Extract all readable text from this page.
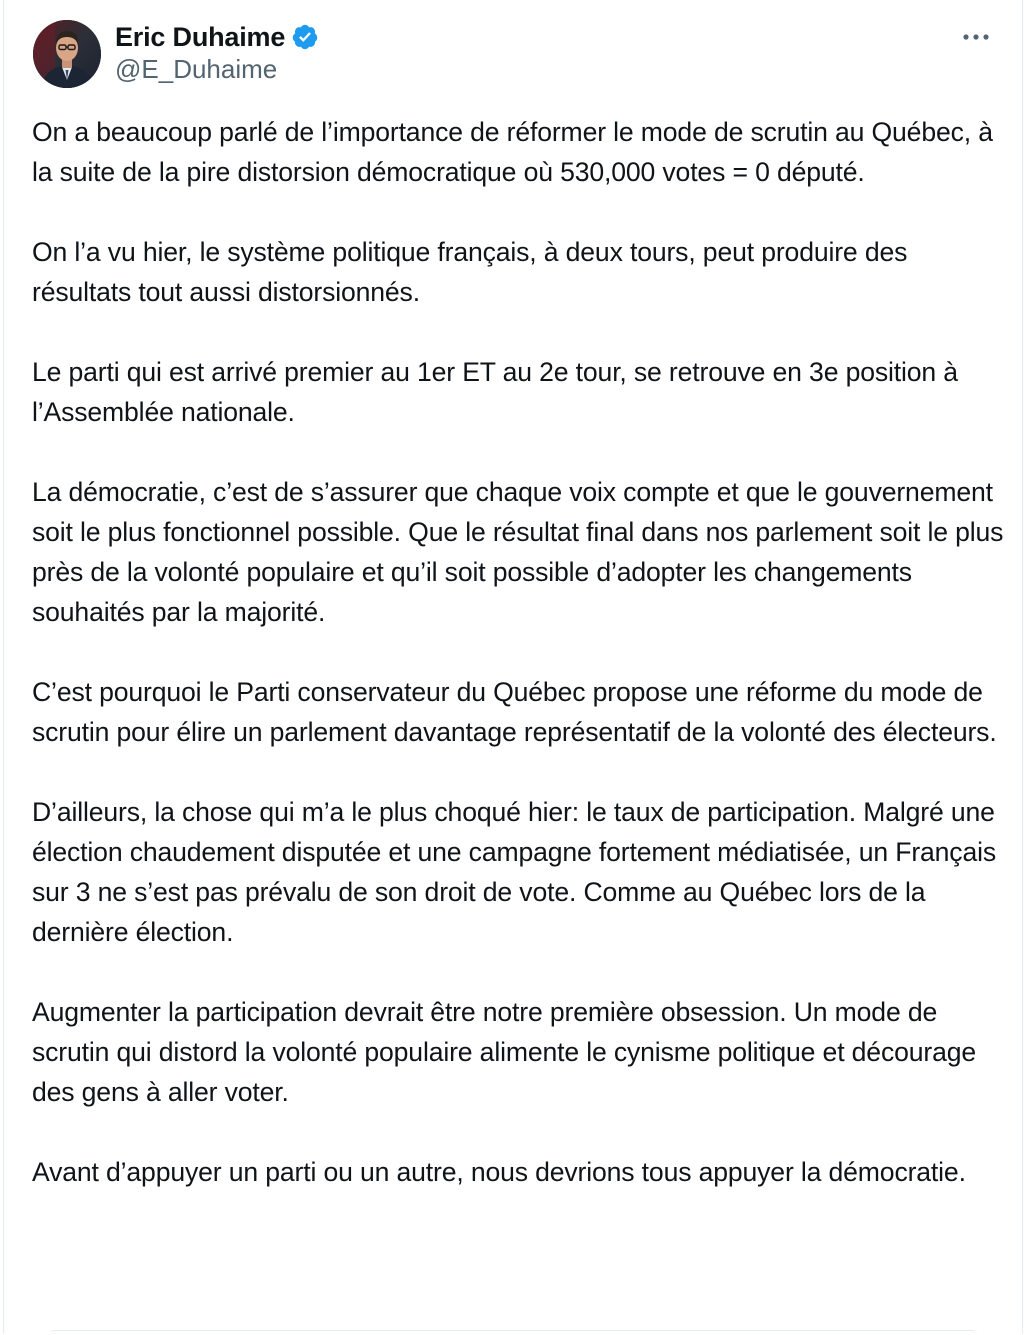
Eric Duhaime
@E_Duhaime

On a beaucoup parlé de l’importance de réformer le mode de scrutin au Québec, à la suite de la pire distorsion démocratique où 530,000 votes = 0 député.

On l’a vu hier, le système politique français, à deux tours, peut produire des résultats tout aussi distorsionnés.

Le parti qui est arrivé premier au 1er ET au 2e tour, se retrouve en 3e position à l’Assemblée nationale.

La démocratie, c’est de s’assurer que chaque voix compte et que le gouvernement soit le plus fonctionnel possible. Que le résultat final dans nos parlement soit le plus près de la volonté populaire et qu’il soit possible d’adopter les changements souhaités par la majorité.

C’est pourquoi le Parti conservateur du Québec propose une réforme du mode de scrutin pour élire un parlement davantage représentatif de la volonté des électeurs.

D’ailleurs, la chose qui m’a le plus choqué hier: le taux de participation. Malgré une élection chaudement disputée et une campagne fortement médiatisée, un Français sur 3 ne s’est pas prévalu de son droit de vote. Comme au Québec lors de la dernière élection.

Augmenter la participation devrait être notre première obsession. Un mode de scrutin qui distord la volonté populaire alimente le cynisme politique et décourage des gens à aller voter.

Avant d’appuyer un parti ou un autre, nous devrions tous appuyer la démocratie.
